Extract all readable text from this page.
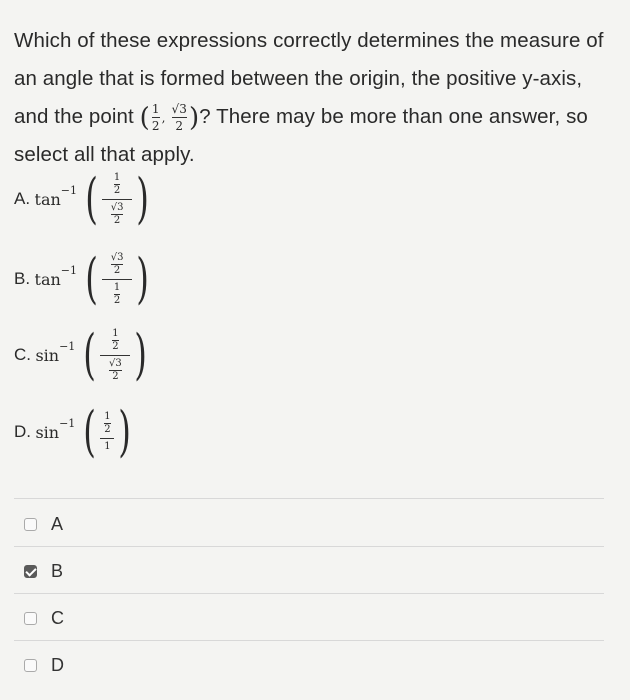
Which of these expressions correctly determines the measure of an angle that is formed between the origin, the positive y-axis, and the point ( 1
2
,
√3
2 ) ? There may be more than one answer, so select all that apply.
A.
tan −1 ( 1
2
√3
2 )
B.
tan −1 ( √3
2
1
2 )
C.
sin −1 ( 1
2
√3
2 )
D.
sin −1 ( 1
2
1 )
A
B
C
D
